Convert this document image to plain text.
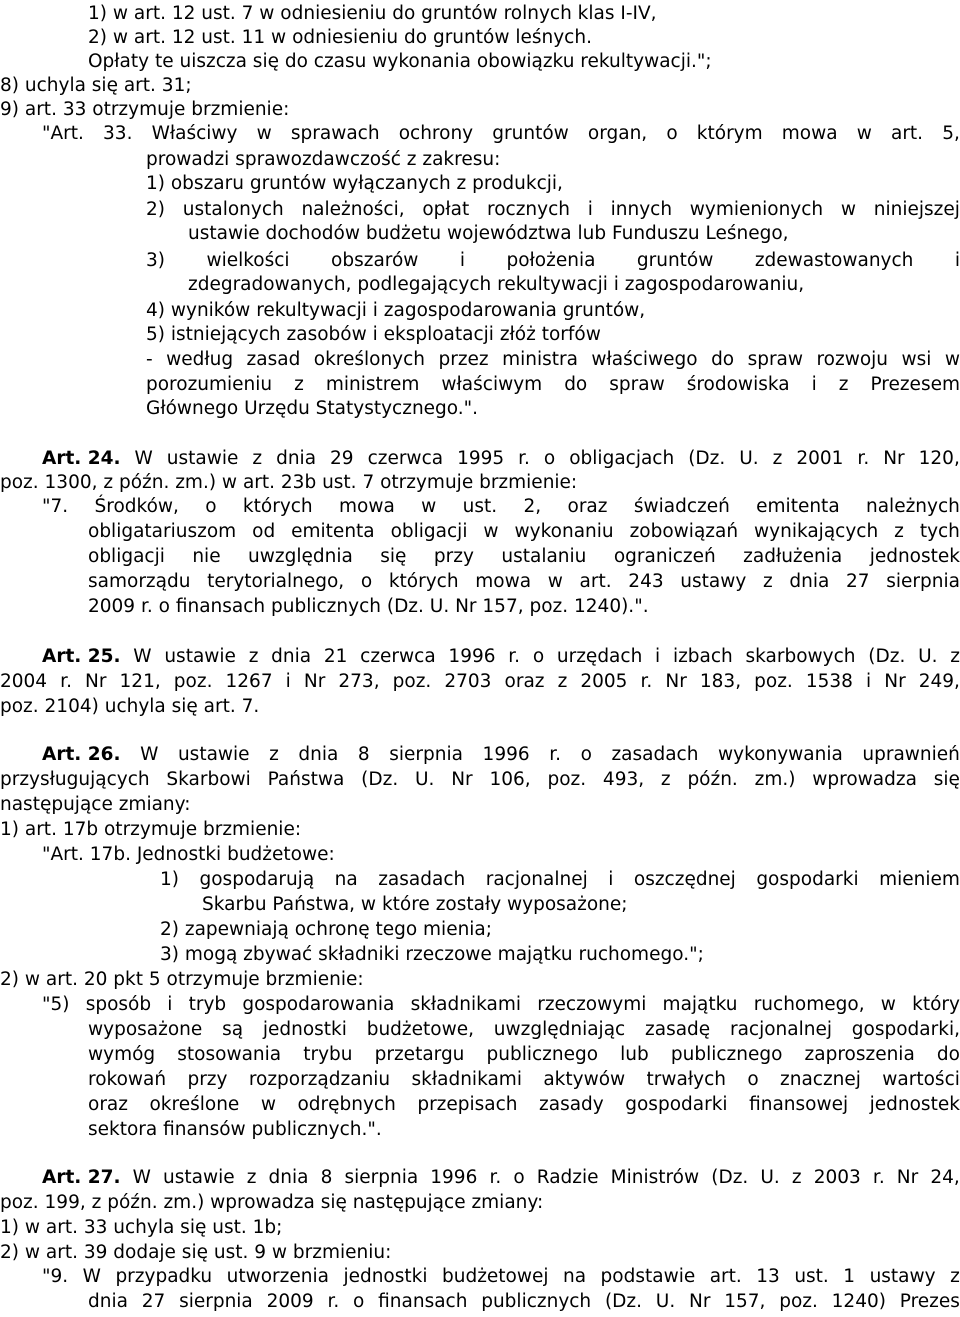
1) w art. 12 ust. 7 w odniesieniu do gruntów rolnych klas I-IV,
2) w art. 12 ust. 11 w odniesieniu do gruntów leśnych.
Opłaty te uiszcza się do czasu wykonania obowiązku rekultywacji.";
8) uchyla się art. 31;
9) art. 33 otrzymuje brzmienie:
"Art. 33. Właściwy w sprawach ochrony gruntów organ, o którym mowa w art. 5,
prowadzi sprawozdawczość z zakresu:
1) obszaru gruntów wyłączanych z produkcji,
2) ustalonych należności, opłat rocznych i innych wymienionych w niniejszej
ustawie dochodów budżetu województwa lub Funduszu Leśnego,
3) wielkości obszarów i położenia gruntów zdewastowanych i
zdegradowanych, podlegających rekultywacji i zagospodarowaniu,
4) wyników rekultywacji i zagospodarowania gruntów,
5) istniejących zasobów i eksploatacji złóż torfów
- według zasad określonych przez ministra właściwego do spraw rozwoju wsi w
porozumieniu z ministrem właściwym do spraw środowiska i z Prezesem
Głównego Urzędu Statystycznego.".
Art. 24. W ustawie z dnia 29 czerwca 1995 r. o obligacjach (Dz. U. z 2001 r. Nr 120,
poz. 1300, z późn. zm.) w art. 23b ust. 7 otrzymuje brzmienie:
"7. Środków, o których mowa w ust. 2, oraz świadczeń emitenta należnych
obligatariuszom od emitenta obligacji w wykonaniu zobowiązań wynikających z tych
obligacji nie uwzględnia się przy ustalaniu ograniczeń zadłużenia jednostek
samorządu terytorialnego, o których mowa w art. 243 ustawy z dnia 27 sierpnia
2009 r. o finansach publicznych (Dz. U. Nr 157, poz. 1240).".
Art. 25. W ustawie z dnia 21 czerwca 1996 r. o urzędach i izbach skarbowych (Dz. U. z
2004 r. Nr 121, poz. 1267 i Nr 273, poz. 2703 oraz z 2005 r. Nr 183, poz. 1538 i Nr 249,
poz. 2104) uchyla się art. 7.
Art. 26. W ustawie z dnia 8 sierpnia 1996 r. o zasadach wykonywania uprawnień
przysługujących Skarbowi Państwa (Dz. U. Nr 106, poz. 493, z późn. zm.) wprowadza się
następujące zmiany:
1) art. 17b otrzymuje brzmienie:
"Art. 17b. Jednostki budżetowe:
1) gospodarują na zasadach racjonalnej i oszczędnej gospodarki mieniem
Skarbu Państwa, w które zostały wyposażone;
2) zapewniają ochronę tego mienia;
3) mogą zbywać składniki rzeczowe majątku ruchomego.";
2) w art. 20 pkt 5 otrzymuje brzmienie:
"5) sposób i tryb gospodarowania składnikami rzeczowymi majątku ruchomego, w który
wyposażone są jednostki budżetowe, uwzględniając zasadę racjonalnej gospodarki,
wymóg stosowania trybu przetargu publicznego lub publicznego zaproszenia do
rokowań przy rozporządzaniu składnikami aktywów trwałych o znacznej wartości
oraz określone w odrębnych przepisach zasady gospodarki finansowej jednostek
sektora finansów publicznych.".
Art. 27. W ustawie z dnia 8 sierpnia 1996 r. o Radzie Ministrów (Dz. U. z 2003 r. Nr 24,
poz. 199, z późn. zm.) wprowadza się następujące zmiany:
1) w art. 33 uchyla się ust. 1b;
2) w art. 39 dodaje się ust. 9 w brzmieniu:
"9. W przypadku utworzenia jednostki budżetowej na podstawie art. 13 ust. 1 ustawy z
dnia 27 sierpnia 2009 r. o finansach publicznych (Dz. U. Nr 157, poz. 1240) Prezes
